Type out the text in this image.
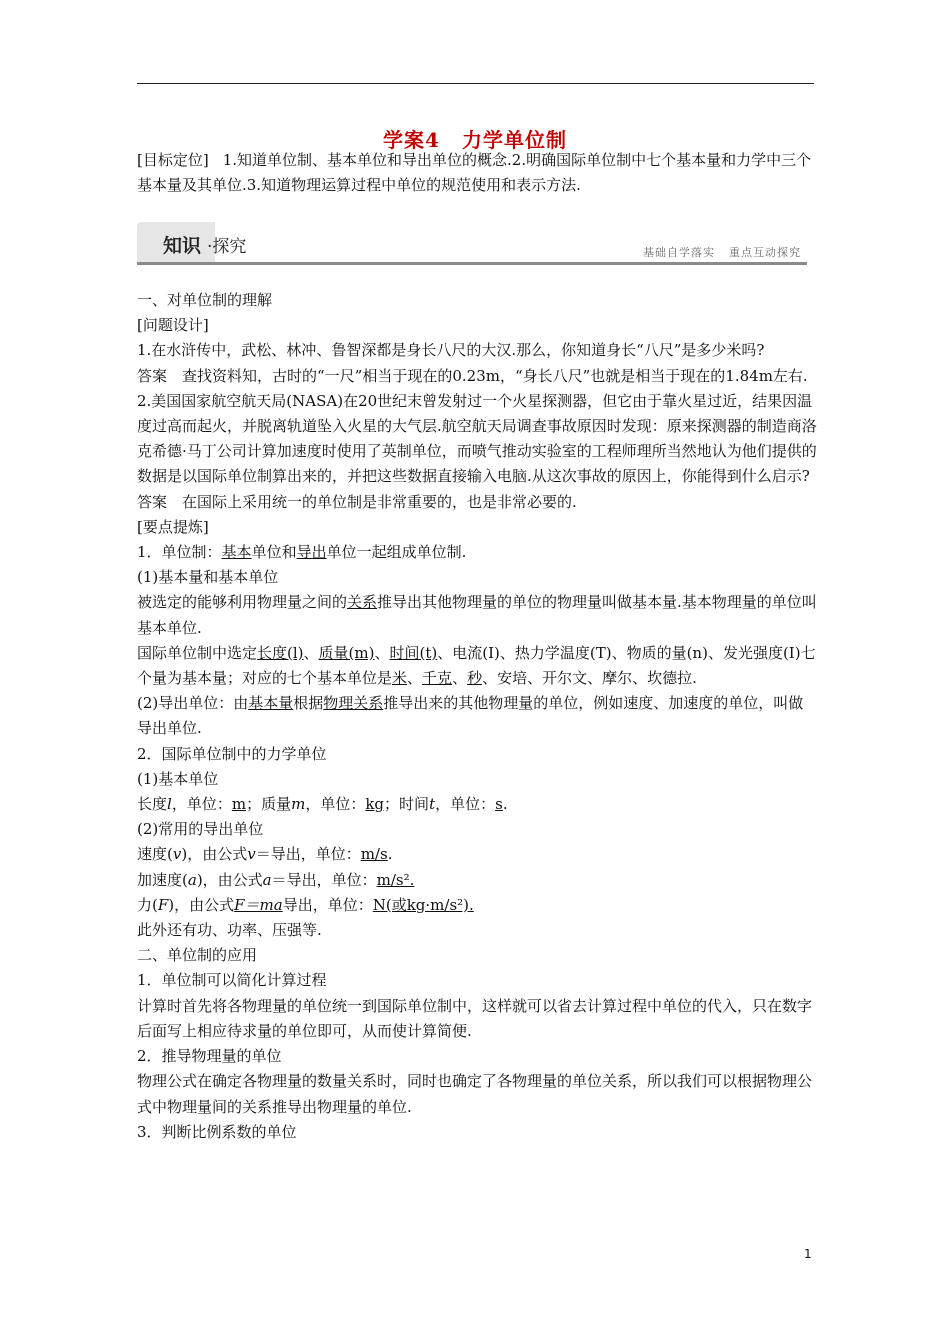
学案4 力学单位制
[目标定位] 1.知道单位制、基本单位和导出单位的概念.2.明确国际单位制中七个基本量和力学中三个基本量及其单位.3.知道物理运算过程中单位的规范使用和表示方法.
知识 ·探究	基础自学落实 重点互动探究

一、对单位制的理解

[问题设计]

1.在水浒传中，武松、林冲、鲁智深都是身长八尺的大汉.那么，你知道身长“八尺”是多少米吗?

答案　查找资料知，古时的“一尺”相当于现在的0.23m，“身长八尺”也就是相当于现在的1.84m左右.

2.美国国家航空航天局(NASA)在20世纪末曾发射过一个火星探测器，但它由于靠火星过近，结果因温度过高而起火，并脱离轨道坠入火星的大气层.航空航天局调查事故原因时发现：原来探测器的制造商洛克希德·马丁公司计算加速度时使用了英制单位，而喷气推动实验室的工程师理所当然地认为他们提供的数据是以国际单位制算出来的，并把这些数据直接输入电脑.从这次事故的原因上，你能得到什么启示?

答案　在国际上采用统一的单位制是非常重要的，也是非常必要的.

[要点提炼]

1．单位制：基本单位和导出单位一起组成单位制.

(1)基本量和基本单位

被选定的能够利用物理量之间的关系推导出其他物理量的单位的物理量叫做基本量.基本物理量的单位叫基本单位.

国际单位制中选定长度(l)、质量(m)、时间(t)、电流(I)、热力学温度(T)、物质的量(n)、发光强度(I)七个量为基本量；对应的七个基本单位是米、千克、秒、安培、开尔文、摩尔、坎德拉.

(2)导出单位：由基本量根据物理关系推导出来的其他物理量的单位，例如速度、加速度的单位，叫做导出单位.

2．国际单位制中的力学单位

(1)基本单位

长度l，单位：m；质量m，单位：kg；时间t，单位：s.

(2)常用的导出单位

速度(v)，由公式v＝导出，单位：m/s.

加速度(a)，由公式a＝导出，单位：m/s².

力(F)，由公式F＝ma导出，单位：N(或kg·m/s²).

此外还有功、功率、压强等.

二、单位制的应用

1．单位制可以简化计算过程

计算时首先将各物理量的单位统一到国际单位制中，这样就可以省去计算过程中单位的代入，只在数字后面写上相应待求量的单位即可，从而使计算简便.

2．推导物理量的单位

物理公式在确定各物理量的数量关系时，同时也确定了各物理量的单位关系，所以我们可以根据物理公式中物理量间的关系推导出物理量的单位.

3．判断比例系数的单位

1
